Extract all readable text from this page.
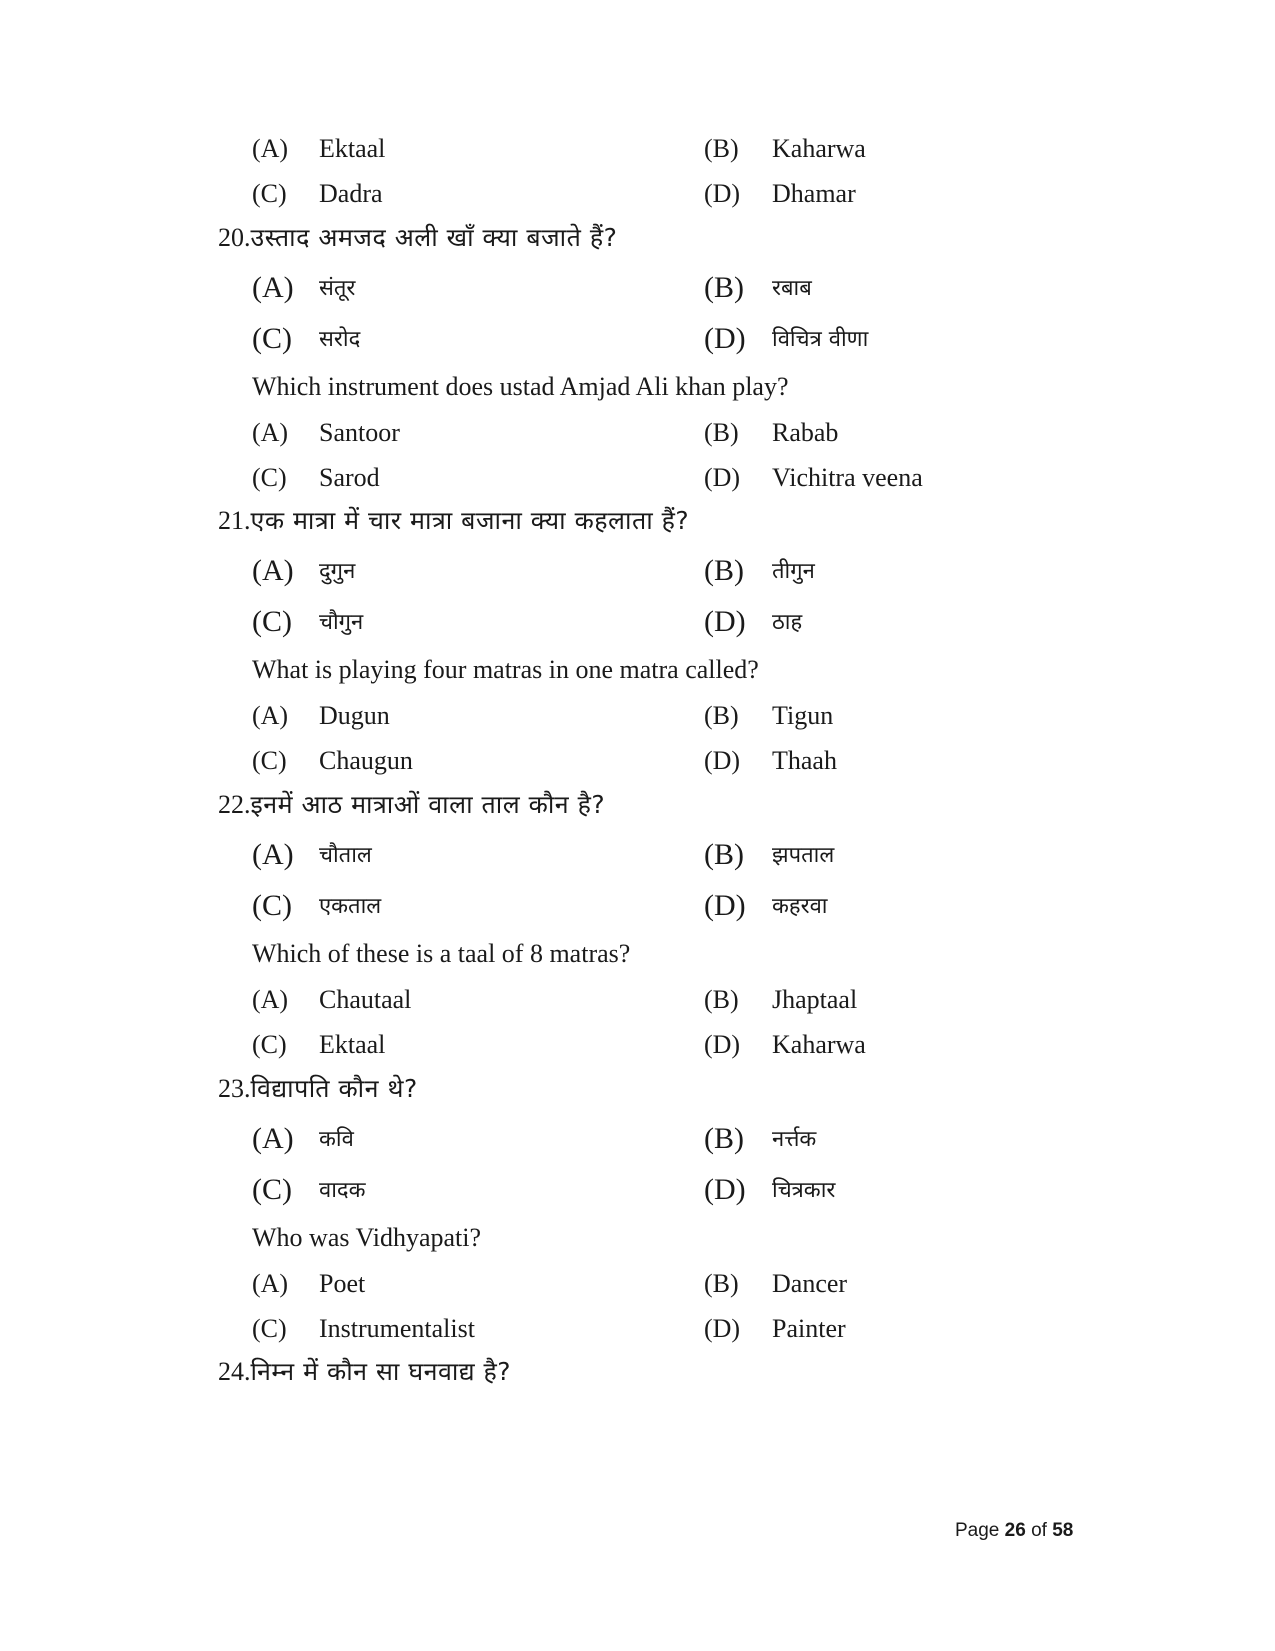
(A) Ektaal	(B) Kaharwa
(C) Dadra	(D) Dhamar
20.उस्ताद अमजद अली खाँ क्या बजाते हैं?
(A) संतूर	(B) रबाब
(C) सरोद	(D) विचित्र वीणा
Which instrument does ustad Amjad Ali khan play?
(A) Santoor	(B) Rabab
(C) Sarod	(D) Vichitra veena
21.एक मात्रा में चार मात्रा बजाना क्या कहलाता हैं?
(A) दुगुन	(B) तीगुन
(C) चौगुन	(D) ठाह
What is playing four matras in one matra called?
(A) Dugun	(B) Tigun
(C) Chaugun	(D) Thaah
22.इनमें आठ मात्राओं वाला ताल कौन है?
(A) चौताल	(B) झपताल
(C) एकताल	(D) कहरवा
Which of these is a taal of 8 matras?
(A) Chautaal	(B) Jhaptaal
(C) Ektaal	(D) Kaharwa
23.विद्यापति कौन थे?
(A) कवि	(B) नर्त्तक
(C) वादक	(D) चित्रकार
Who was Vidhyapati?
(A) Poet	(B) Dancer
(C) Instrumentalist	(D) Painter
24.निम्न में कौन सा घनवाद्य है?
Page 26 of 58
